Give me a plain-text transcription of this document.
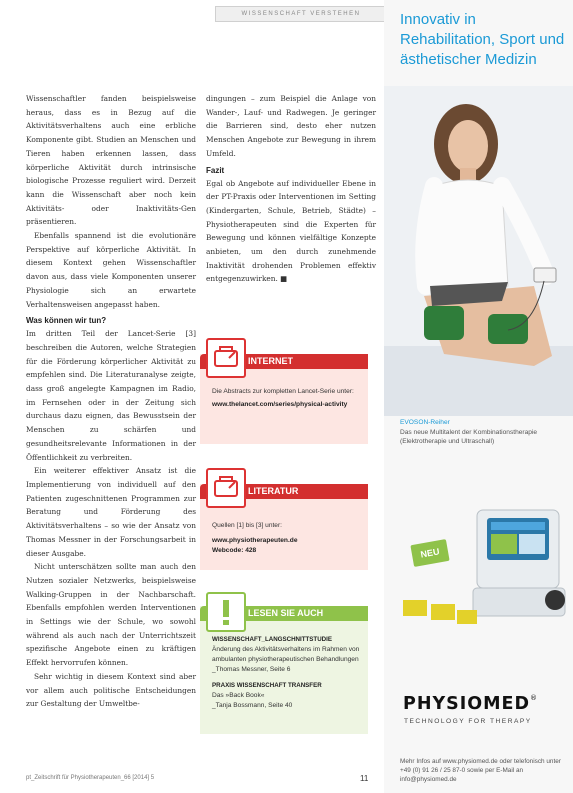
WISSENSCHAFT VERSTEHEN

Wissenschaftler fanden beispielsweise heraus, dass es in Bezug auf die Aktivitätsverhaltens auch eine erbliche Komponente gibt. Studien an Menschen und Tieren haben erkennen lassen, dass körperliche Aktivität durch intrinsische biologische Prozesse reguliert wird. Derzeit kann die Wissenschaft aber noch kein Aktivitäts- oder Inaktivitäts-Gen präsentieren.

Ebenfalls spannend ist die evolutionäre Perspektive auf körperliche Aktivität. In diesem Kontext gehen Wissenschaftler davon aus, dass viele Komponenten unserer Physiologie sich an erwartete Verhaltensweisen angepasst haben.

Was können wir tun?

Im dritten Teil der Lancet-Serie [3] beschreiben die Autoren, welche Strategien für die Förderung körperlicher Aktivität zu empfehlen sind. Die Literaturanalyse zeigte, dass groß angelegte Kampagnen im Radio, im Fernsehen oder in der Zeitung sich durchaus dazu eignen, das Bewusstsein der Menschen zu schärfen und gesundheitsrelevante Informationen in der Öffentlichkeit zu verbreiten.

Ein weiterer effektiver Ansatz ist die Implementierung von individuell auf den Patienten zugeschnittenen Programmen zur Beratung und Förderung des Aktivitätsverhaltens – so wie der Ansatz von Thomas Messner in der Forschungsarbeit in dieser Ausgabe.

Nicht unterschätzen sollte man auch den Nutzen sozialer Netzwerks, beispielsweise Walking-Gruppen in der Nachbarschaft. Ebenfalls empfohlen werden Interventionen in Settings wie der Schule, wo sowohl während als auch nach der Unterrichtszeit spezifische Angebote einen zu kräftigen Effekt hervorrufen können.

Sehr wichtig in diesem Kontext sind aber vor allem auch politische Entscheidungen zur Gestaltung der Umweltbe-

dingungen – zum Beispiel die Anlage von Wander-, Lauf- und Radwegen. Je geringer die Barrieren sind, desto eher nutzen Menschen Angebote zur Bewegung in ihrem Umfeld.

Fazit

Egal ob Angebote auf individueller Ebene in der PT-Praxis oder Interventionen im Setting (Kindergarten, Schule, Betrieb, Städte) – Physiotherapeuten sind die Experten für Bewegung und können vielfältige Konzepte anbieten, um den durch zunehmende Inaktivität drohenden Problemen effektiv entgegenzuwirken. ■

INTERNET
Die Abstracts zur kompletten Lancet-Serie unter:
www.thelancet.com/series/physical-activity
LITERATUR
Quellen [1] bis [3] unter:
www.physiotherapeuten.de
Webcode: 428
LESEN SIE AUCH
WISSENSCHAFT_LANGSCHNITTSTUDIE
Änderung des Aktivitätsverhaltens im Rahmen von ambulanten physiotherapeutischen Behandlungen
_Thomas Messner, Seite 6
PRAXIS WISSENSCHAFT TRANSFER
Das »Back Book«
_Tanja Bossmann, Seite 40
Innovativ in
Rehabilitation, Sport und
ästhetischer Medizin
EVOSON-Reiher
Das neue Multitalent der Kombinationstherapie (Elektrotherapie und Ultraschall)
NEU
PHYSIOMED®
TECHNOLOGY FOR THERAPY
Mehr Infos auf www.physiomed.de oder telefonisch unter +49 (0) 91 26 / 25 87-0 sowie per E-Mail an info@physiomed.de
pt_Zeitschrift für Physiotherapeuten_66 [2014] 5	11
